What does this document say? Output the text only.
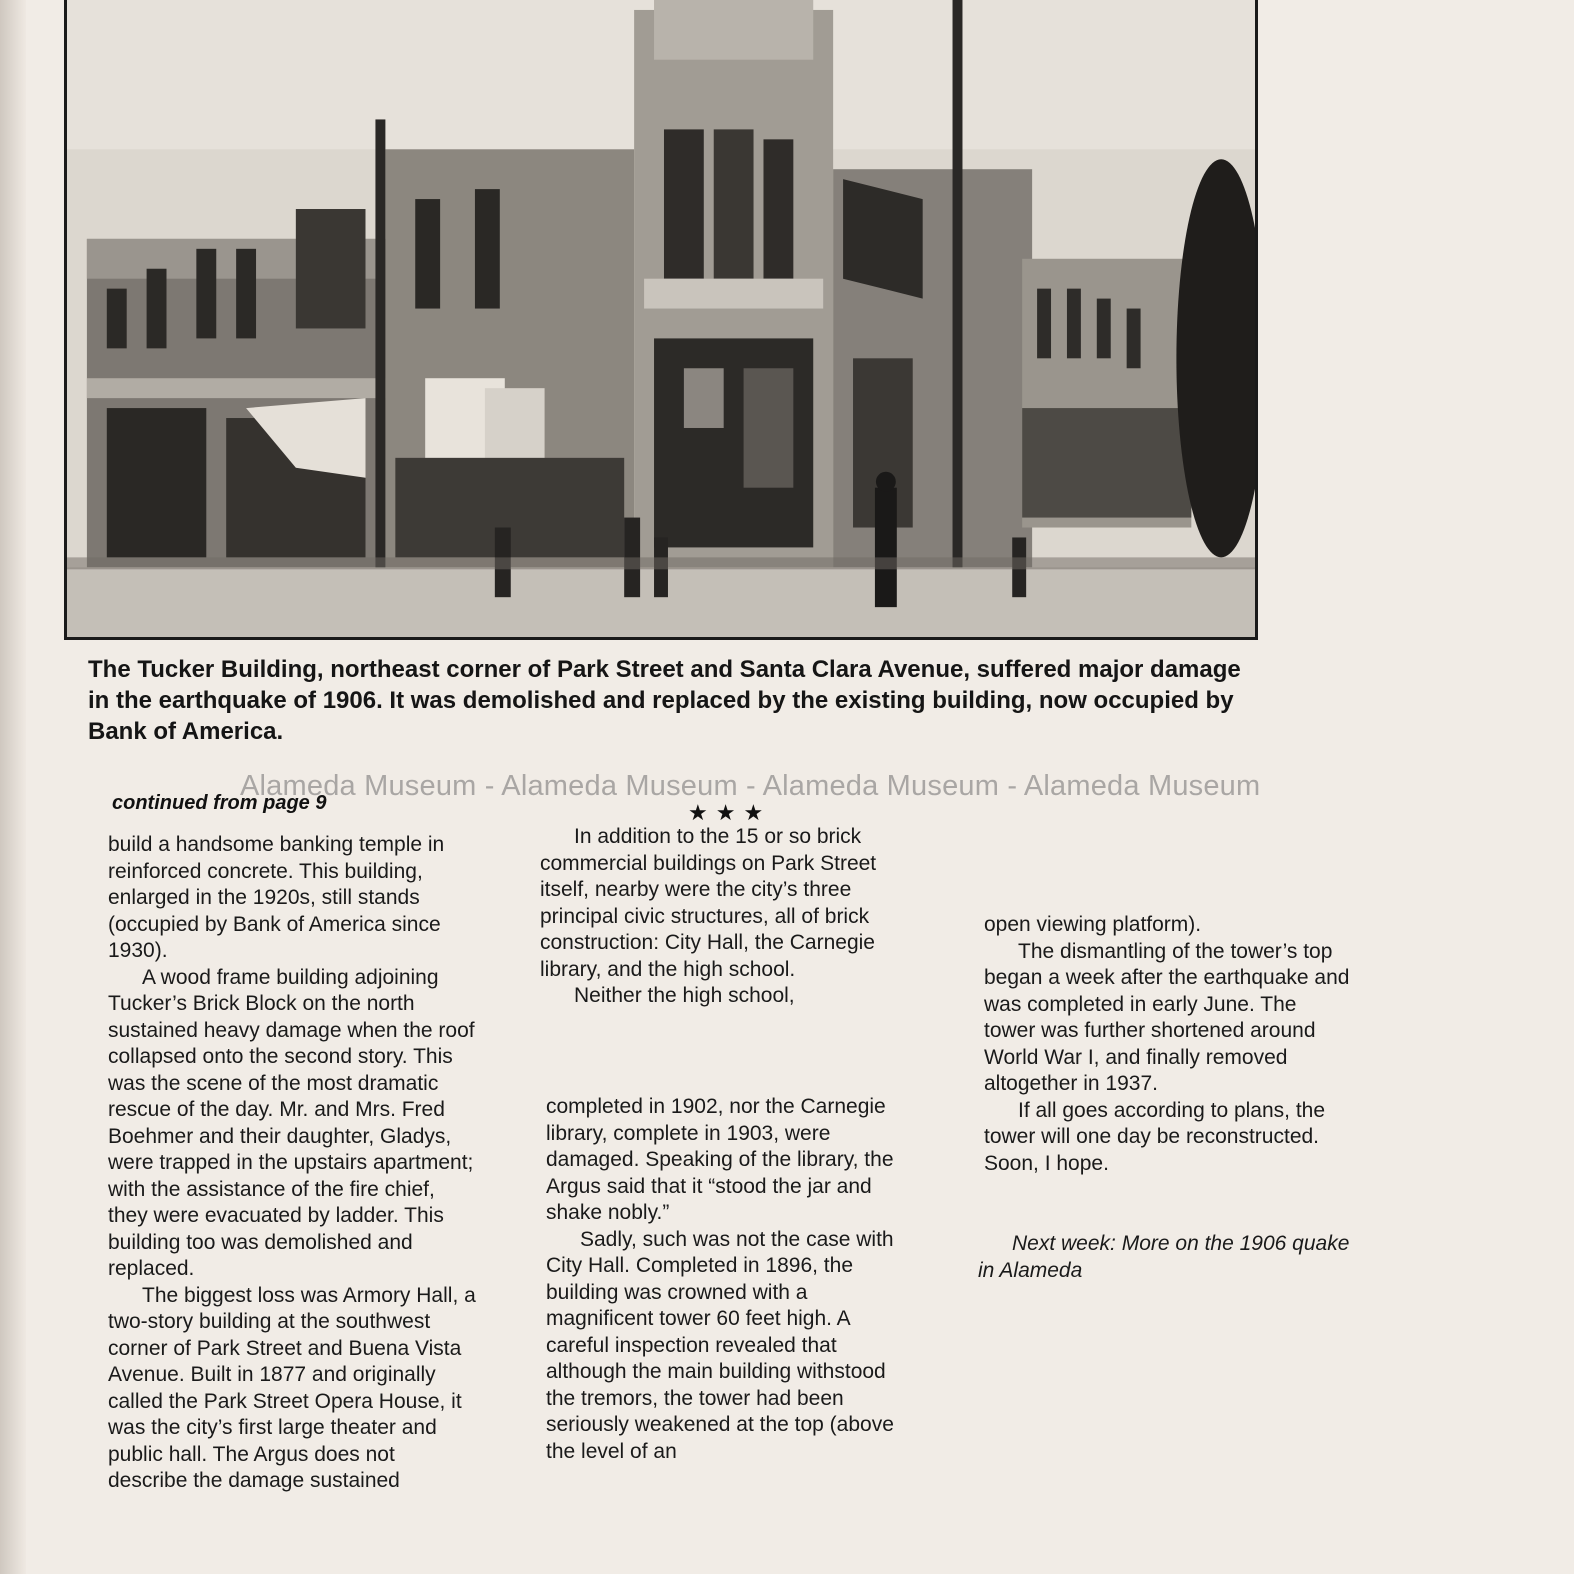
The Tucker Building, northeast corner of Park Street and Santa Clara Avenue, suffered major damage in the earthquake of 1906. It was demolished and replaced by the existing building, now occupied by Bank of America.

Alameda Museum - Alameda Museum - Alameda Museum - Alameda Museum
continued from page 9	★★★

build a handsome banking temple in reinforced concrete. This building, enlarged in the 1920s, still stands (occupied by Bank of America since 1930).

A wood frame building adjoining Tucker’s Brick Block on the north sustained heavy damage when the roof collapsed onto the second story. This was the scene of the most dramatic rescue of the day. Mr. and Mrs. Fred Boehmer and their daughter, Gladys, were trapped in the upstairs apartment; with the assistance of the fire chief, they were evacuated by ladder. This building too was demolished and replaced.

The biggest loss was Armory Hall, a two-story building at the southwest corner of Park Street and Buena Vista Avenue. Built in 1877 and originally called the Park Street Opera House, it was the city’s first large theater and public hall. The Argus does not describe the damage sustained

In addition to the 15 or so brick commercial buildings on Park Street itself, nearby were the city’s three principal civic structures, all of brick construction: City Hall, the Carnegie library, and the high school.

Neither the high school,

completed in 1902, nor the Carnegie library, complete in 1903, were damaged. Speaking of the library, the Argus said that it “stood the jar and shake nobly.”

Sadly, such was not the case with City Hall. Completed in 1896, the building was crowned with a magnificent tower 60 feet high. A careful inspection revealed that although the main building withstood the tremors, the tower had been seriously weakened at the top (above the level of an

open viewing platform).

The dismantling of the tower’s top began a week after the earthquake and was completed in early June. The tower was further shortened around World War I, and finally removed altogether in 1937.

If all goes according to plans, the tower will one day be reconstructed. Soon, I hope.

Next week: More on the 1906 quake in Alameda
